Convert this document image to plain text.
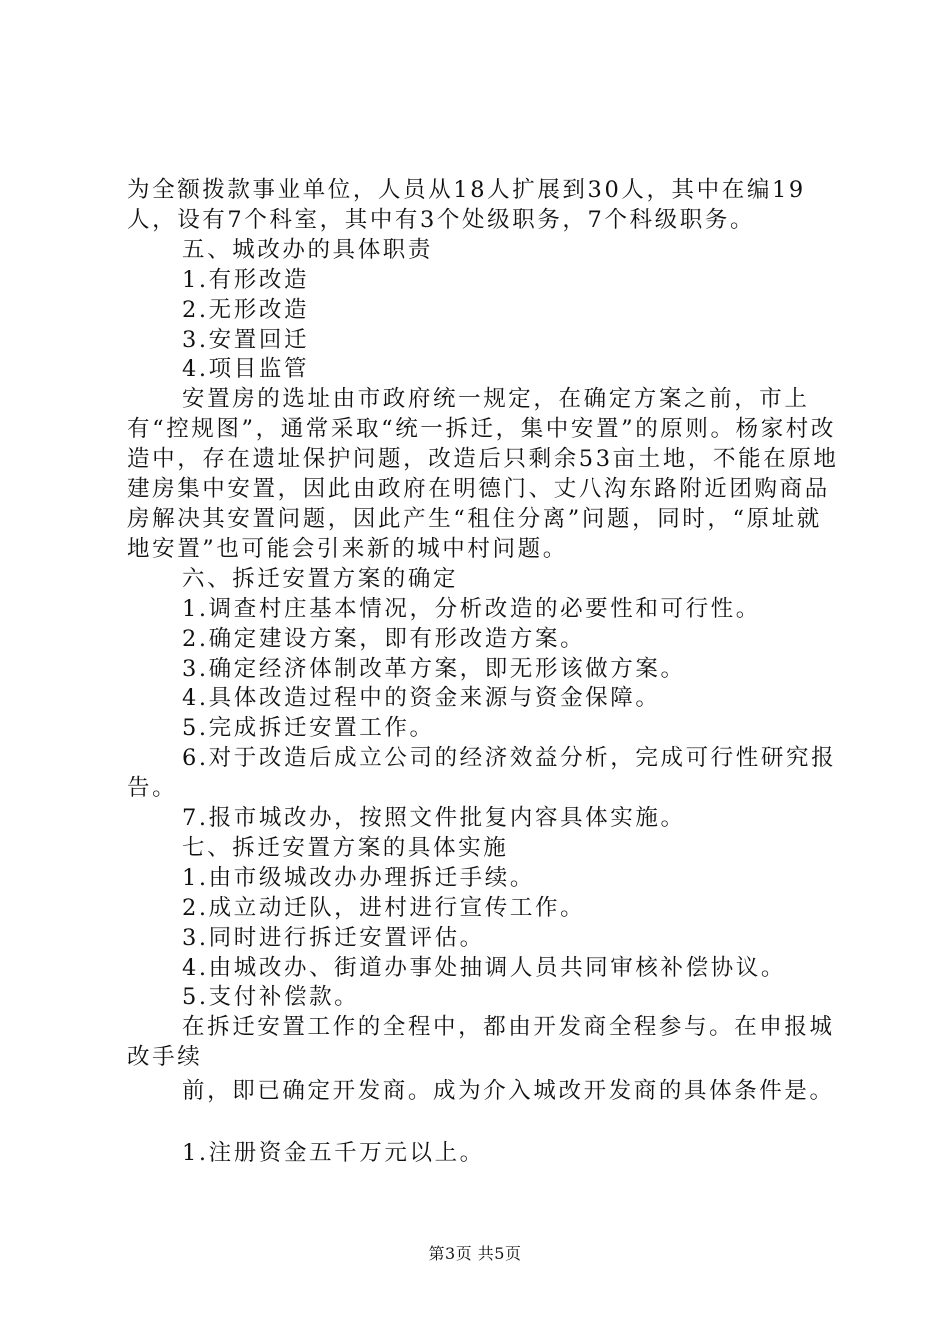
为全额拨款事业单位，人员从18人扩展到30人，其中在编19人，设有7个科室，其中有3个处级职务，7个科级职务。

五、城改办的具体职责

1.有形改造

2.无形改造

3.安置回迁

4.项目监管

安置房的选址由市政府统一规定，在确定方案之前，市上有“控规图”，通常采取“统一拆迁，集中安置”的原则。杨家村改造中，存在遗址保护问题，改造后只剩余53亩土地，不能在原地建房集中安置，因此由政府在明德门、丈八沟东路附近团购商品房解决其安置问题，因此产生“租住分离”问题，同时，“原址就地安置”也可能会引来新的城中村问题。

六、拆迁安置方案的确定

1.调查村庄基本情况，分析改造的必要性和可行性。

2.确定建设方案，即有形改造方案。

3.确定经济体制改革方案，即无形该做方案。

4.具体改造过程中的资金来源与资金保障。

5.完成拆迁安置工作。

6.对于改造后成立公司的经济效益分析，完成可行性研究报告。

7.报市城改办，按照文件批复内容具体实施。

七、拆迁安置方案的具体实施

1.由市级城改办办理拆迁手续。

2.成立动迁队，进村进行宣传工作。

3.同时进行拆迁安置评估。

4.由城改办、街道办事处抽调人员共同审核补偿协议。

5.支付补偿款。

在拆迁安置工作的全程中，都由开发商全程参与。在申报城改手续

前，即已确定开发商。成为介入城改开发商的具体条件是。

1.注册资金五千万元以上。

第3页 共5页
